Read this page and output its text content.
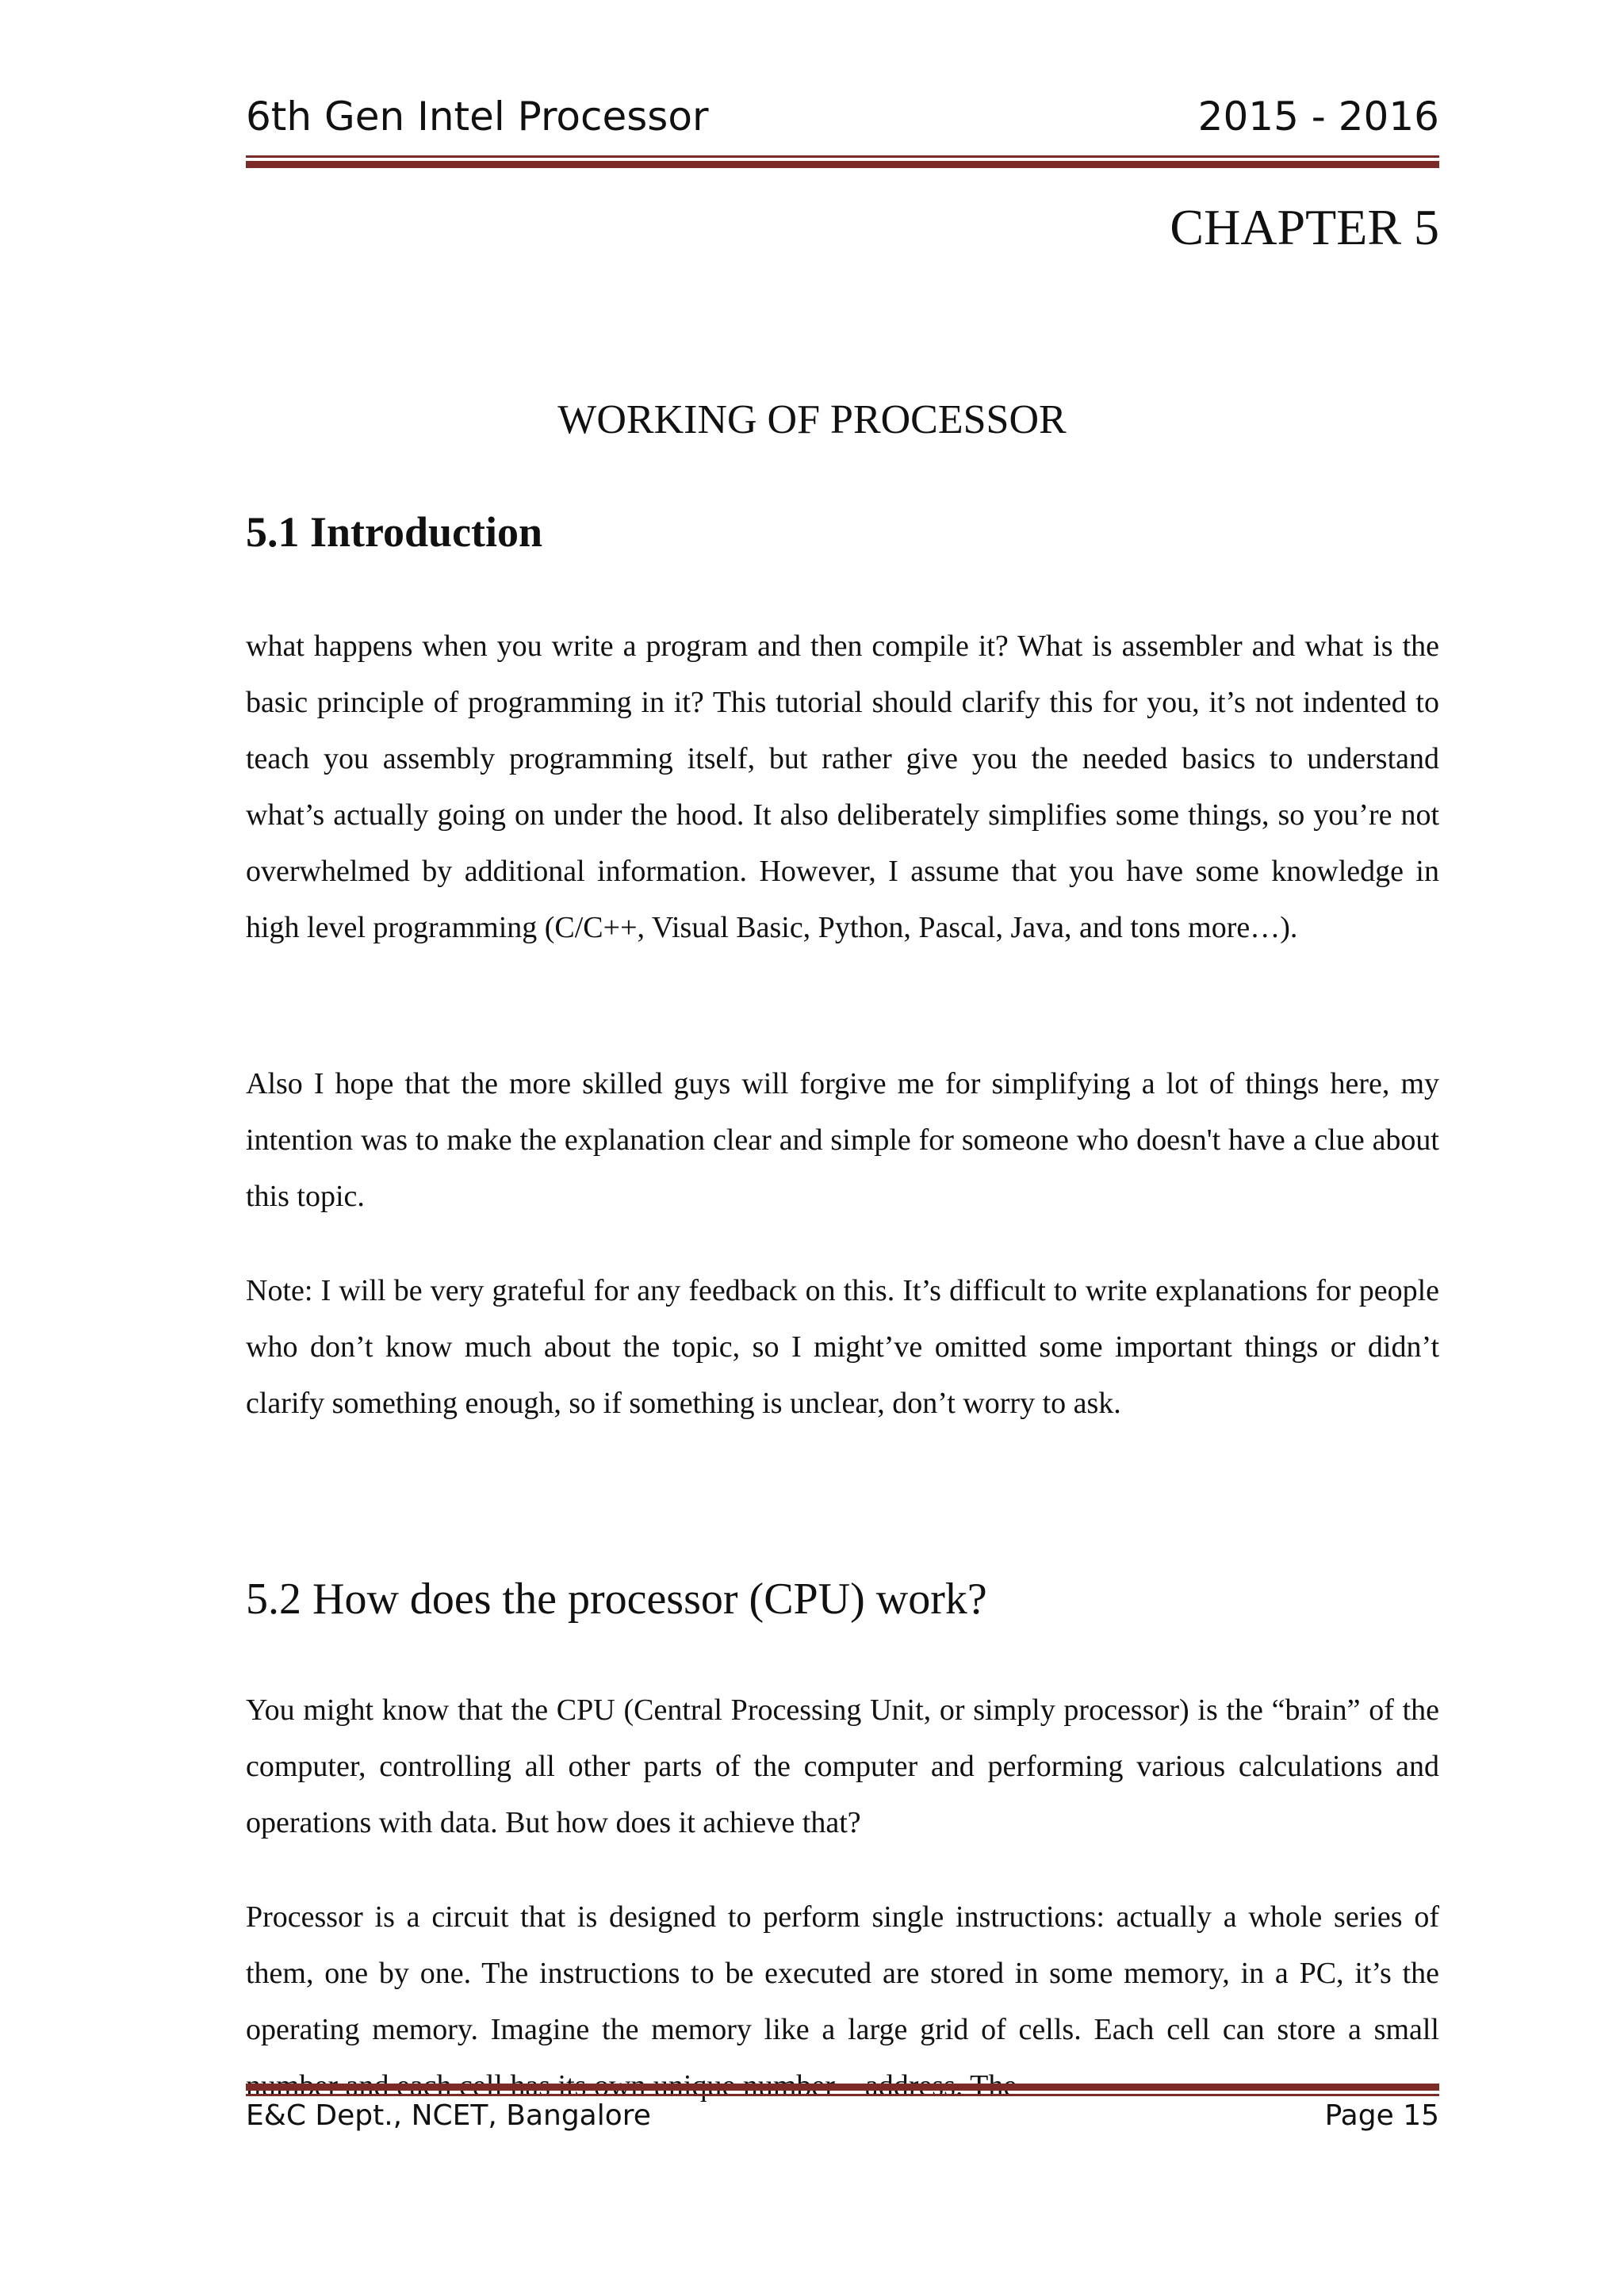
6th Gen Intel Processor	2015 - 2016
CHAPTER 5
WORKING OF PROCESSOR
5.1 Introduction

what happens when you write a program and then compile it? What is assembler and what is the basic principle of programming in it? This tutorial should clarify this for you, it’s not indented to teach you assembly programming itself, but rather give you the needed basics to understand what’s actually going on under the hood. It also deliberately simplifies some things, so you’re not overwhelmed by additional information. However, I assume that you have some knowledge in high level programming (C/C++, Visual Basic, Python, Pascal, Java, and tons more…).

Also I hope that the more skilled guys will forgive me for simplifying a lot of things here, my intention was to make the explanation clear and simple for someone who doesn't have a clue about this topic.

Note: I will be very grateful for any feedback on this. It’s difficult to write explanations for people who don’t know much about the topic, so I might’ve omitted some important things or didn’t clarify something enough, so if something is unclear, don’t worry to ask.

5.2 How does the processor (CPU) work?

You might know that the CPU (Central Processing Unit, or simply processor) is the “brain” of the computer, controlling all other parts of the computer and performing various calculations and operations with data. But how does it achieve that?

Processor is a circuit that is designed to perform single instructions: actually a whole series of them, one by one. The instructions to be executed are stored in some memory, in a PC, it’s the operating memory. Imagine the memory like a large grid of cells. Each cell can store a small

E&C Dept., NCET, Bangalore	Page 15
